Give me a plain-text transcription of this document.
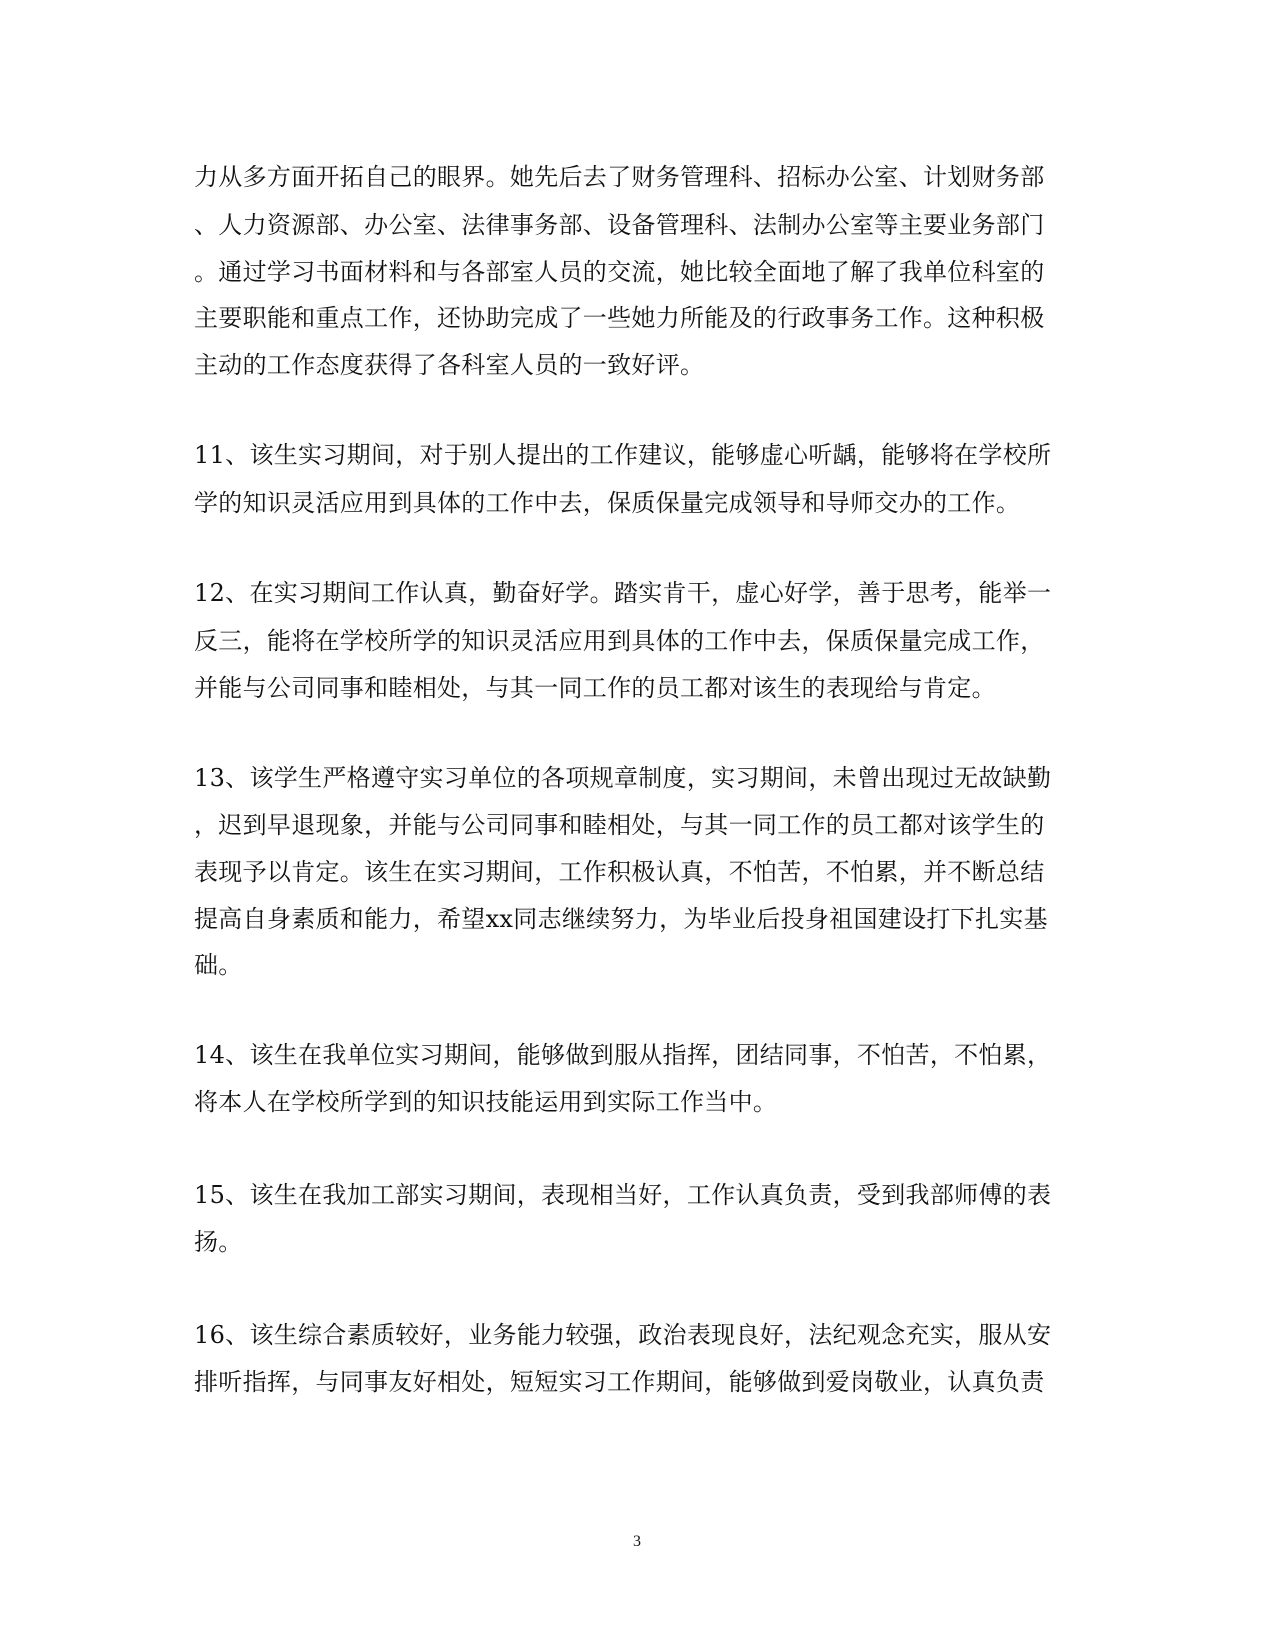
力从多方面开拓自己的眼界。她先后去了财务管理科、招标办公室、计划财务部
、人力资源部、办公室、法律事务部、设备管理科、法制办公室等主要业务部门
。通过学习书面材料和与各部室人员的交流，她比较全面地了解了我单位科室的
主要职能和重点工作，还协助完成了一些她力所能及的行政事务工作。这种积极
主动的工作态度获得了各科室人员的一致好评。
11、该生实习期间，对于别人提出的工作建议，能够虚心听龋，能够将在学校所
学的知识灵活应用到具体的工作中去，保质保量完成领导和导师交办的工作。
12、在实习期间工作认真，勤奋好学。踏实肯干，虚心好学，善于思考，能举一
反三，能将在学校所学的知识灵活应用到具体的工作中去，保质保量完成工作，
并能与公司同事和睦相处，与其一同工作的员工都对该生的表现给与肯定。
13、该学生严格遵守实习单位的各项规章制度，实习期间，未曾出现过无故缺勤
，迟到早退现象，并能与公司同事和睦相处，与其一同工作的员工都对该学生的
表现予以肯定。该生在实习期间，工作积极认真，不怕苦，不怕累，并不断总结
提高自身素质和能力，希望xx同志继续努力，为毕业后投身祖国建设打下扎实基
础。
14、该生在我单位实习期间，能够做到服从指挥，团结同事，不怕苦，不怕累，
将本人在学校所学到的知识技能运用到实际工作当中。
15、该生在我加工部实习期间，表现相当好，工作认真负责，受到我部师傅的表
扬。
16、该生综合素质较好，业务能力较强，政治表现良好，法纪观念充实，服从安
排听指挥，与同事友好相处，短短实习工作期间，能够做到爱岗敬业，认真负责
3
